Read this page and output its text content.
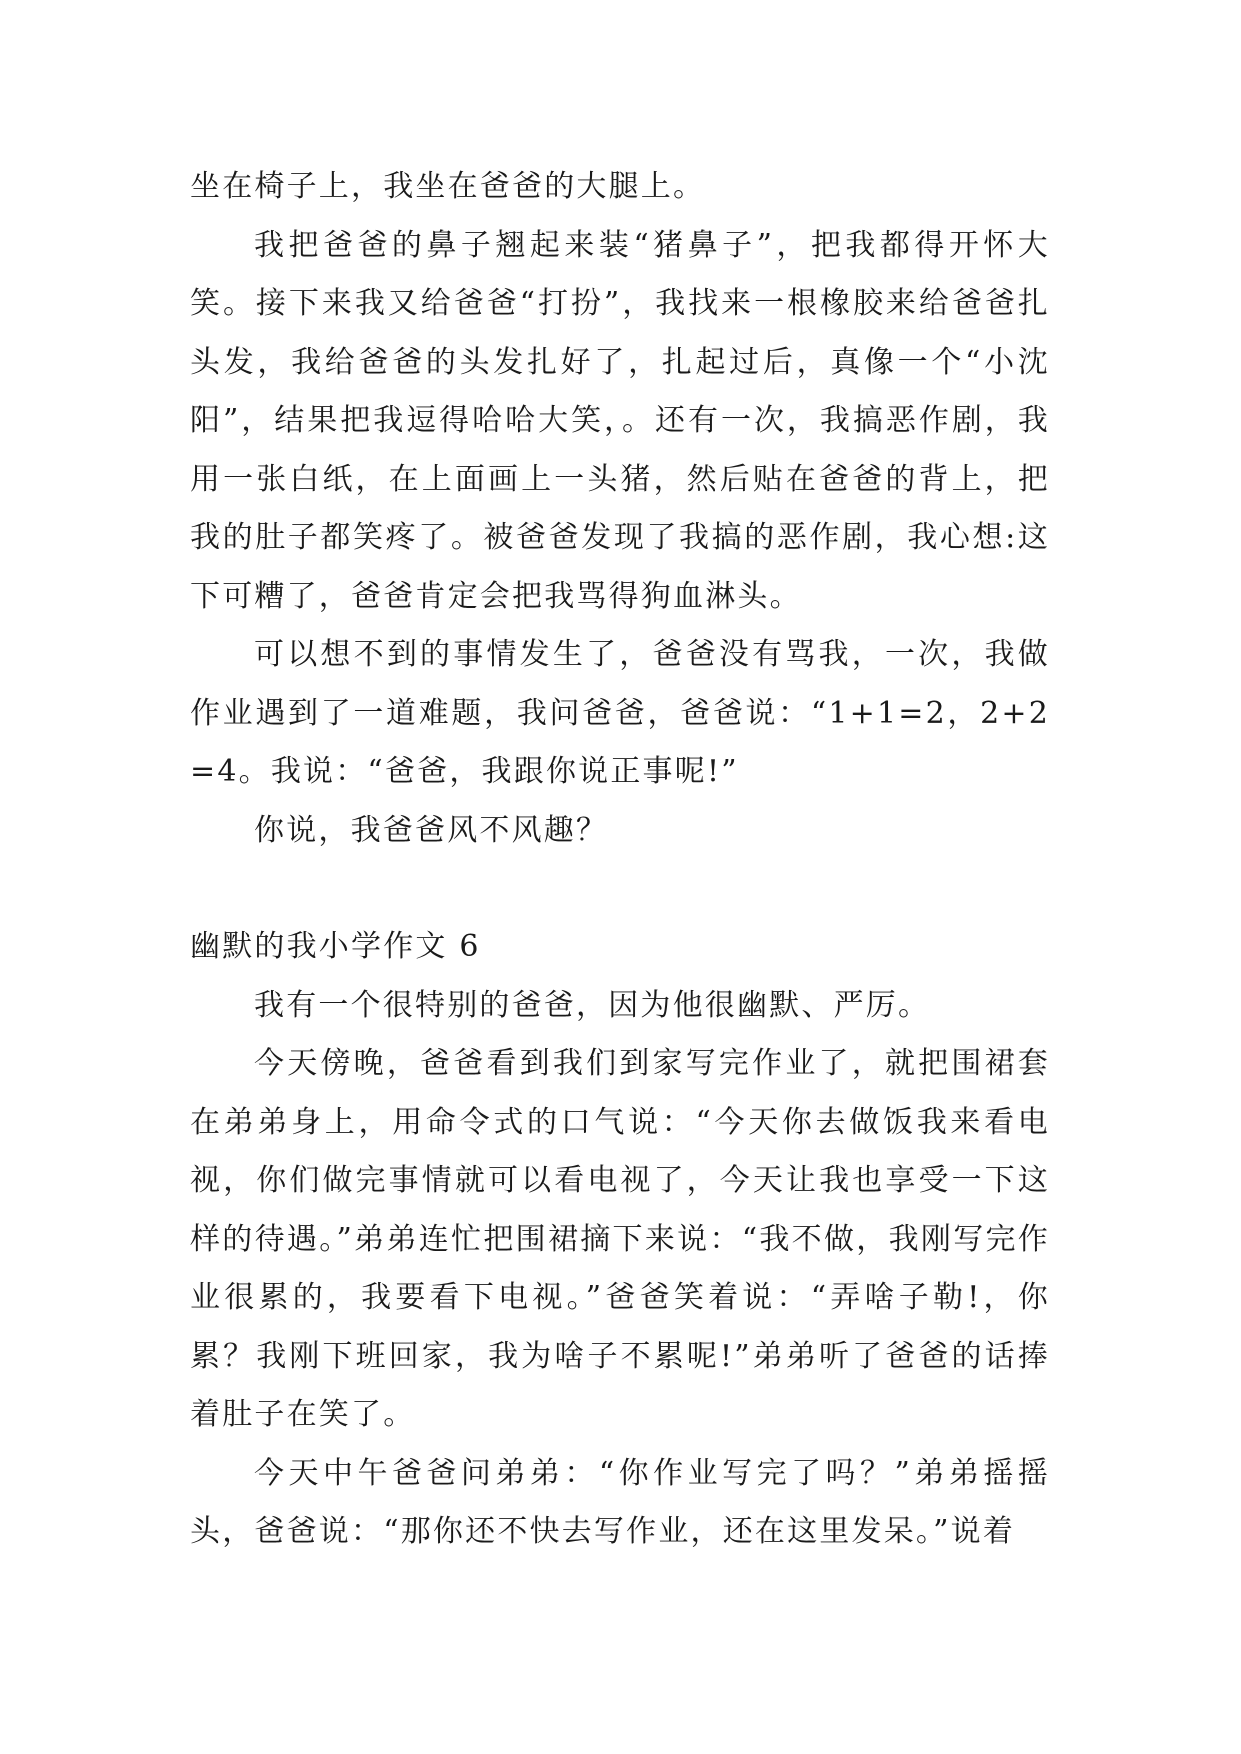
坐在椅子上，我坐在爸爸的大腿上。

我把爸爸的鼻子翘起来装“猪鼻子”，把我都得开怀大笑。接下来我又给爸爸“打扮”，我找来一根橡胶来给爸爸扎头发，我给爸爸的头发扎好了，扎起过后，真像一个“小沈阳”，结果把我逗得哈哈大笑，。还有一次，我搞恶作剧，我用一张白纸，在上面画上一头猪，然后贴在爸爸的背上，把我的肚子都笑疼了。被爸爸发现了我搞的恶作剧，我心想:这下可糟了，爸爸肯定会把我骂得狗血淋头。

可以想不到的事情发生了，爸爸没有骂我，一次，我做作业遇到了一道难题，我问爸爸，爸爸说：“1+1=2，2+2=4。我说：“爸爸，我跟你说正事呢!”

你说，我爸爸风不风趣？

幽默的我小学作文 6

我有一个很特别的爸爸，因为他很幽默、严厉。

今天傍晚，爸爸看到我们到家写完作业了，就把围裙套在弟弟身上，用命令式的口气说：“今天你去做饭我来看电视，你们做完事情就可以看电视了，今天让我也享受一下这样的待遇。”弟弟连忙把围裙摘下来说：“我不做，我刚写完作业很累的，我要看下电视。”爸爸笑着说：“弄啥子勒!，你累？我刚下班回家，我为啥子不累呢!”弟弟听了爸爸的话捧着肚子在笑了。

今天中午爸爸问弟弟：“你作业写完了吗？”弟弟摇摇头，爸爸说：“那你还不快去写作业，还在这里发呆。”说着
